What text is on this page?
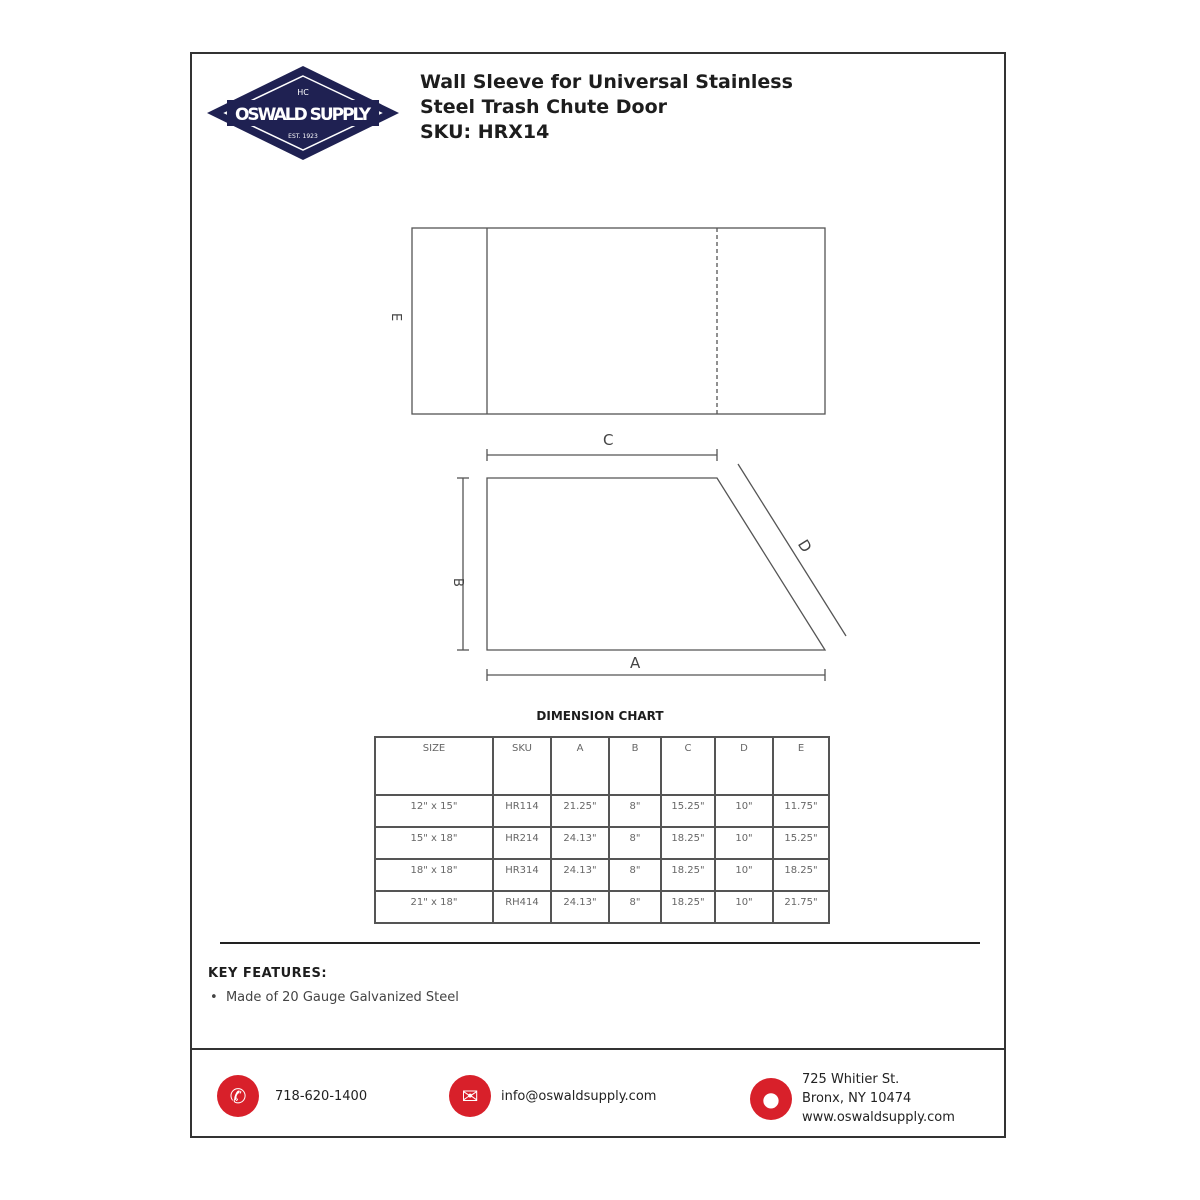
HC
OSWALD SUPPLY
EST. 1923
Wall Sleeve for Universal Stainless
Steel Trash Chute Door
SKU: HRX14
E
C
B
A
D
DIMENSION CHART
SIZE	SKU	A	B	C	D	E
12" x 15"	HR114	21.25"	8"	15.25"	10"	11.75"
15" x 18"	HR214	24.13"	8"	18.25"	10"	15.25"
18" x 18"	HR314	24.13"	8"	18.25"	10"	18.25"
21" x 18"	RH414	24.13"	8"	18.25"	10"	21.75"
KEY FEATURES:
•  Made of 20 Gauge Galvanized Steel
✆	718-620-1400	✉	info@oswaldsupply.com	●
725 Whitier St.
Bronx, NY 10474
www.oswaldsupply.com
